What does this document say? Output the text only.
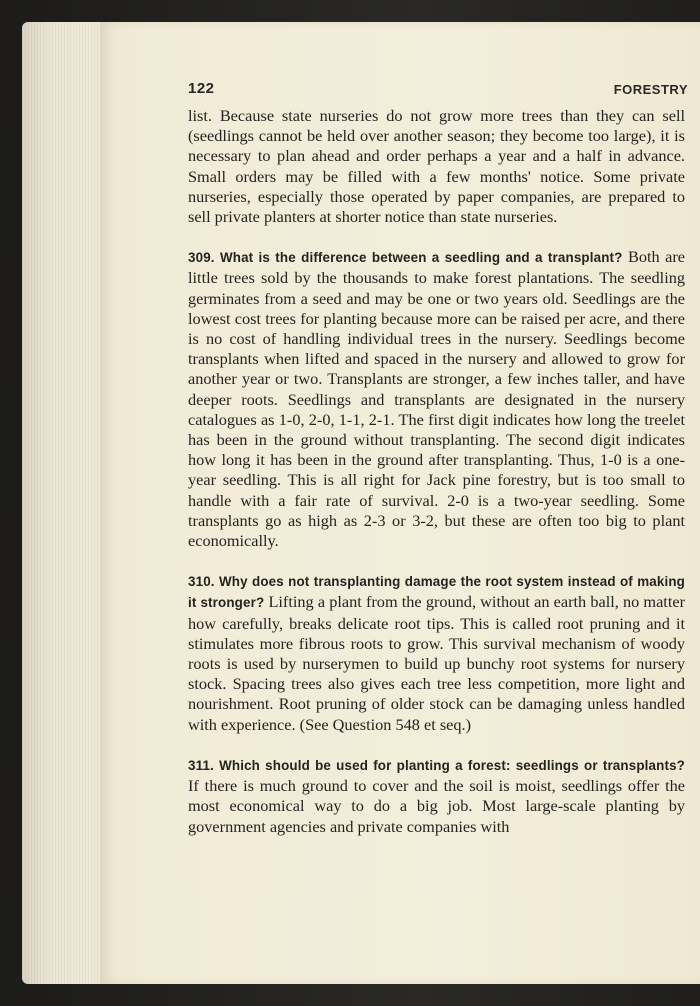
122	FORESTRY

list. Because state nurseries do not grow more trees than they can sell (seedlings cannot be held over another season; they become too large), it is necessary to plan ahead and order perhaps a year and a half in advance. Small orders may be filled with a few months' notice. Some private nurseries, especially those operated by paper companies, are prepared to sell private planters at shorter notice than state nurseries.

309. What is the difference between a seedling and a transplant? Both are little trees sold by the thousands to make forest plantations. The seedling germinates from a seed and may be one or two years old. Seedlings are the lowest cost trees for planting because more can be raised per acre, and there is no cost of handling individual trees in the nursery. Seedlings become transplants when lifted and spaced in the nursery and allowed to grow for another year or two. Transplants are stronger, a few inches taller, and have deeper roots. Seedlings and transplants are designated in the nursery catalogues as 1-0, 2-0, 1-1, 2-1. The first digit indicates how long the treelet has been in the ground without transplanting. The second digit indicates how long it has been in the ground after transplanting. Thus, 1-0 is a one-year seedling. This is all right for Jack pine forestry, but is too small to handle with a fair rate of survival. 2-0 is a two-year seedling. Some transplants go as high as 2-3 or 3-2, but these are often too big to plant economically.

310. Why does not transplanting damage the root system instead of making it stronger? Lifting a plant from the ground, without an earth ball, no matter how carefully, breaks delicate root tips. This is called root pruning and it stimulates more fibrous roots to grow. This survival mechanism of woody roots is used by nurserymen to build up bunchy root systems for nursery stock. Spacing trees also gives each tree less competition, more light and nourishment. Root pruning of older stock can be damaging unless handled with experience. (See Question 548 et seq.)

311. Which should be used for planting a forest: seedlings or transplants? If there is much ground to cover and the soil is moist, seedlings offer the most economical way to do a big job. Most large-scale planting by government agencies and private companies with
